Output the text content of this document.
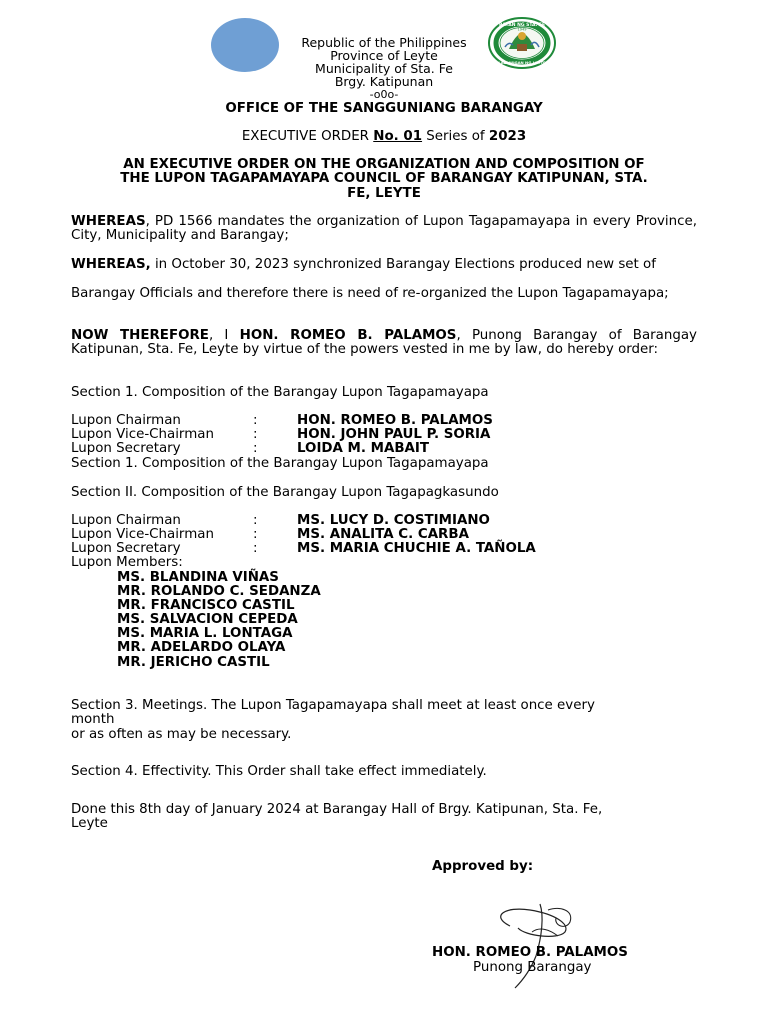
Republic of the Philippines
Province of Leyte
Municipality of Sta. Fe
Brgy. Katipunan
-o0o-
BAYAN NG STA. FE
1949
LALAWIGAN NG LEYTE
OFFICE OF THE SANGGUNIANG BARANGAY
EXECUTIVE ORDER No. 01 Series of 2023
AN EXECUTIVE ORDER ON THE ORGANIZATION AND COMPOSITION OF
THE LUPON TAGAPAMAYAPA COUNCIL OF BARANGAY KATIPUNAN, STA.
FE, LEYTE
WHEREAS, PD 1566 mandates the organization of Lupon Tagapamayapa in every Province, City, Municipality and Barangay;
WHEREAS, in October 30, 2023 synchronized Barangay Elections produced new set of
Barangay Officials and therefore there is need of re-organized the Lupon Tagapamayapa;
NOW THEREFORE, I HON. ROMEO B. PALAMOS, Punong Barangay of Barangay Katipunan, Sta. Fe, Leyte by virtue of the powers vested in me by law, do hereby order:
Section 1. Composition of the Barangay Lupon Tagapamayapa
Lupon Chairman	:	HON. ROMEO B. PALAMOS
Lupon Vice-Chairman	:	HON. JOHN PAUL P. SORIA
Lupon Secretary	:	LOIDA M. MABAIT
Section 1. Composition of the Barangay Lupon Tagapamayapa
Section II. Composition of the Barangay Lupon Tagapagkasundo
Lupon Chairman	:	MS. LUCY D. COSTIMIANO
Lupon Vice-Chairman	:	MS. ANALITA C. CARBA
Lupon Secretary	:	MS. MARIA CHUCHIE A. TAÑOLA
Lupon Members:
MS. BLANDINA VIÑAS
MR. ROLANDO C. SEDANZA
MR. FRANCISCO CASTIL
MS. SALVACION CEPEDA
MS. MARIA L. LONTAGA
MR. ADELARDO OLAYA
MR. JERICHO CASTIL
Section 3. Meetings. The Lupon Tagapamayapa shall meet at least once every
month
or as often as may be necessary.
Section 4. Effectivity. This Order shall take effect immediately.
Done this 8th day of January 2024 at Barangay Hall of Brgy. Katipunan, Sta. Fe,
Leyte
Approved by:
HON. ROMEO B. PALAMOS
Punong Barangay
